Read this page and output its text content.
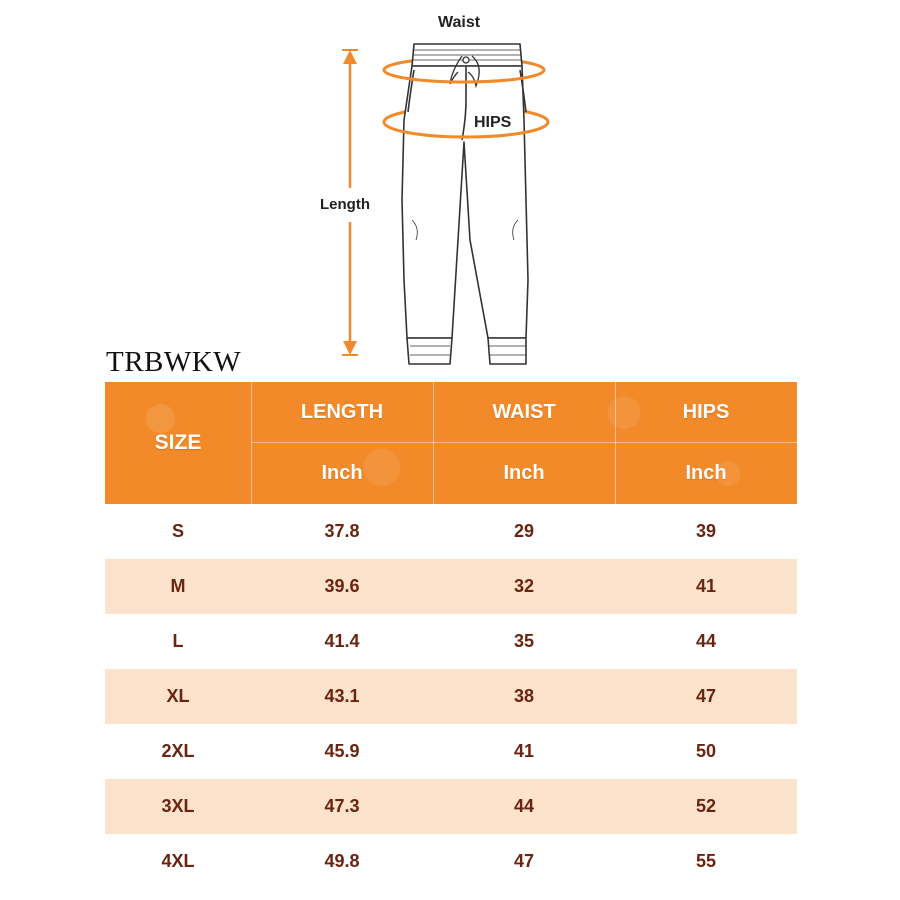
Waist
HIPS
Length
TRBWKW
SIZE
LENGTH	WAIST	HIPS
Inch	Inch	Inch
S	37.8	29	39
M	39.6	32	41
L	41.4	35	44
XL	43.1	38	47
2XL	45.9	41	50
3XL	47.3	44	52
4XL	49.8	47	55
